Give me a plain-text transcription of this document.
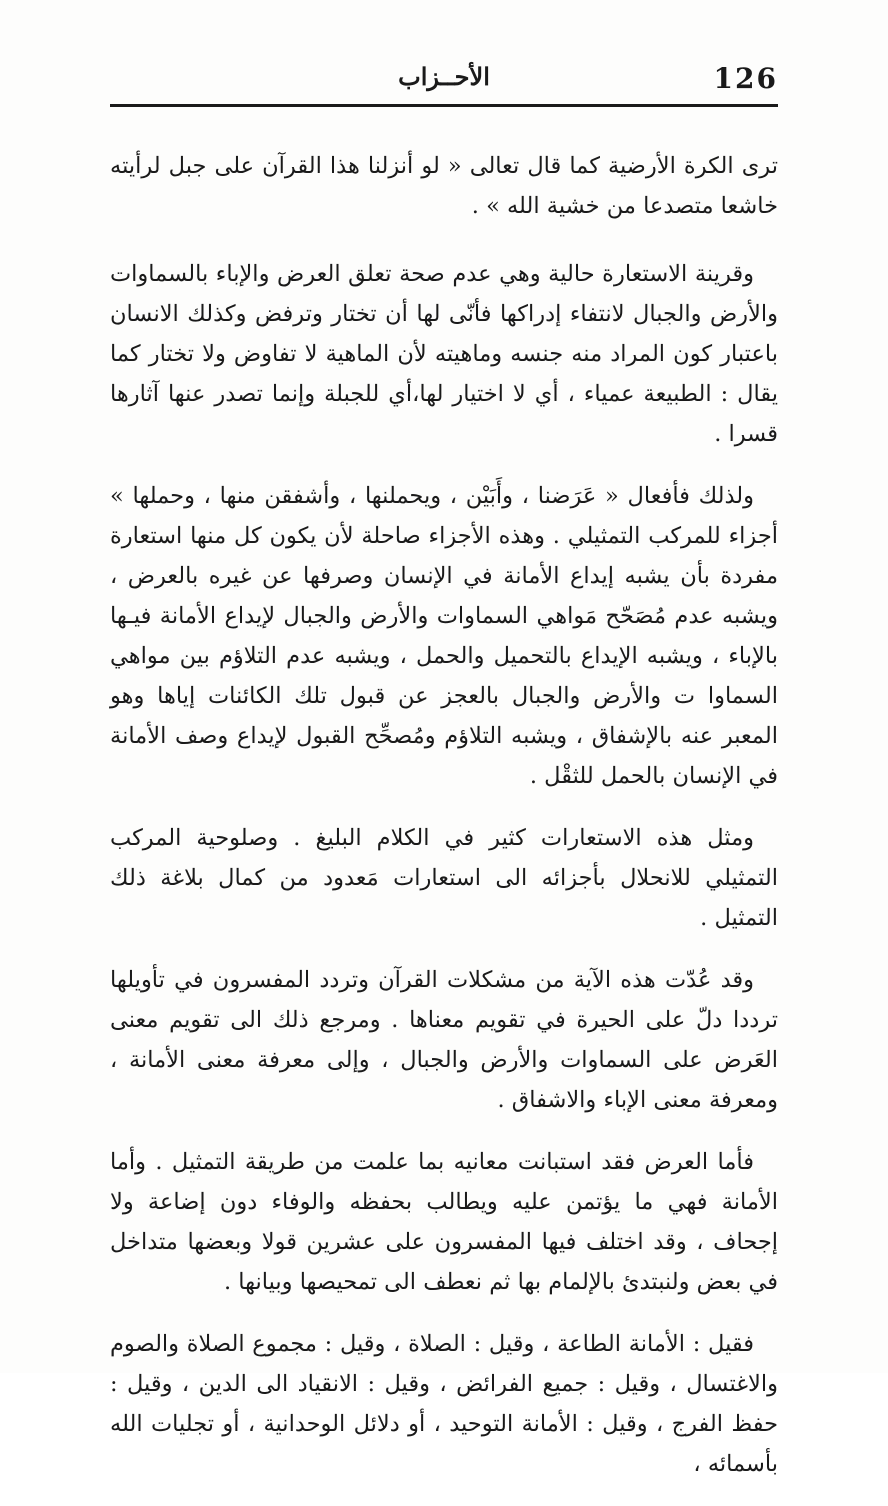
126
الأحــزاب

ترى الكرة الأرضية كما قال تعالى « لو أنزلنا هذا القرآن على جبل لرأيته خاشعا متصدعا من خشية الله » .

وقرينة الاستعارة حالية وهي عدم صحة تعلق العرض والإباء بالسماوات والأرض والجبال لانتفاء إدراكها فأنّى لها أن تختار وترفض وكذلك الانسان باعتبار كون المراد منه جنسه وماهيته لأن الماهية لا تفاوض ولا تختار كما يقال : الطبيعة عمياء ، أي لا اختيار لها،أي للجبلة وإنما تصدر عنها آثارها قسرا .

ولذلك فأفعال « عَرَضنا ، وأَبَيْن ، ويحملنها ، وأشفقن منها ، وحملها » أجزاء للمركب التمثيلي . وهذه الأجزاء صاحلة لأن يكون كل منها استعارة مفردة بأن يشبه إيداع الأمانة في الإنسان وصرفها عن غيره بالعرض ، ويشبه عدم مُصَحّح مَواهي السماوات والأرض والجبال لإيداع الأمانة فيـها بالإباء ، ويشبه الإيداع بالتحميل والحمل ، ويشبه عدم التلاؤم بين مواهي السماوا ت والأرض والجبال بالعجز عن قبول تلك الكائنات إياها وهو المعبر عنه بالإشفاق ، ويشبه التلاؤم ومُصحِّح القبول لإيداع وصف الأمانة في الإنسان بالحمل للثقْل .

ومثل هذه الاستعارات كثير في الكلام البليغ . وصلوحية المركب التمثيلي للانحلال بأجزائه الى استعارات مَعدود من كمال بلاغة ذلك التمثيل .

وقد عُدّت هذه الآية من مشكلات القرآن وتردد المفسرون في تأويلها ترددا دلّ على الحيرة في تقويم معناها . ومرجع ذلك الى تقويم معنى العَرض على السماوات والأرض والجبال ، وإلى معرفة معنى الأمانة ، ومعرفة معنى الإباء والاشفاق .

فأما العرض فقد استبانت معانيه بما علمت من طريقة التمثيل . وأما الأمانة فهي ما يؤتمن عليه ويطالب بحفظه والوفاء دون إضاعة ولا إجحاف ، وقد اختلف فيها المفسرون على عشرين قولا وبعضها متداخل في بعض ولنبتدئ بالإلمام بها ثم نعطف الى تمحيصها وبيانها .

فقيل : الأمانة الطاعة ، وقيل : الصلاة ، وقيل : مجموع الصلاة والصوم والاغتسال ، وقيل : جميع الفرائض ، وقيل : الانقياد الى الدين ، وقيل : حفظ الفرج ، وقيل : الأمانة التوحيد ، أو دلائل الوحدانية ، أو تجليات الله بأسمائه ،
